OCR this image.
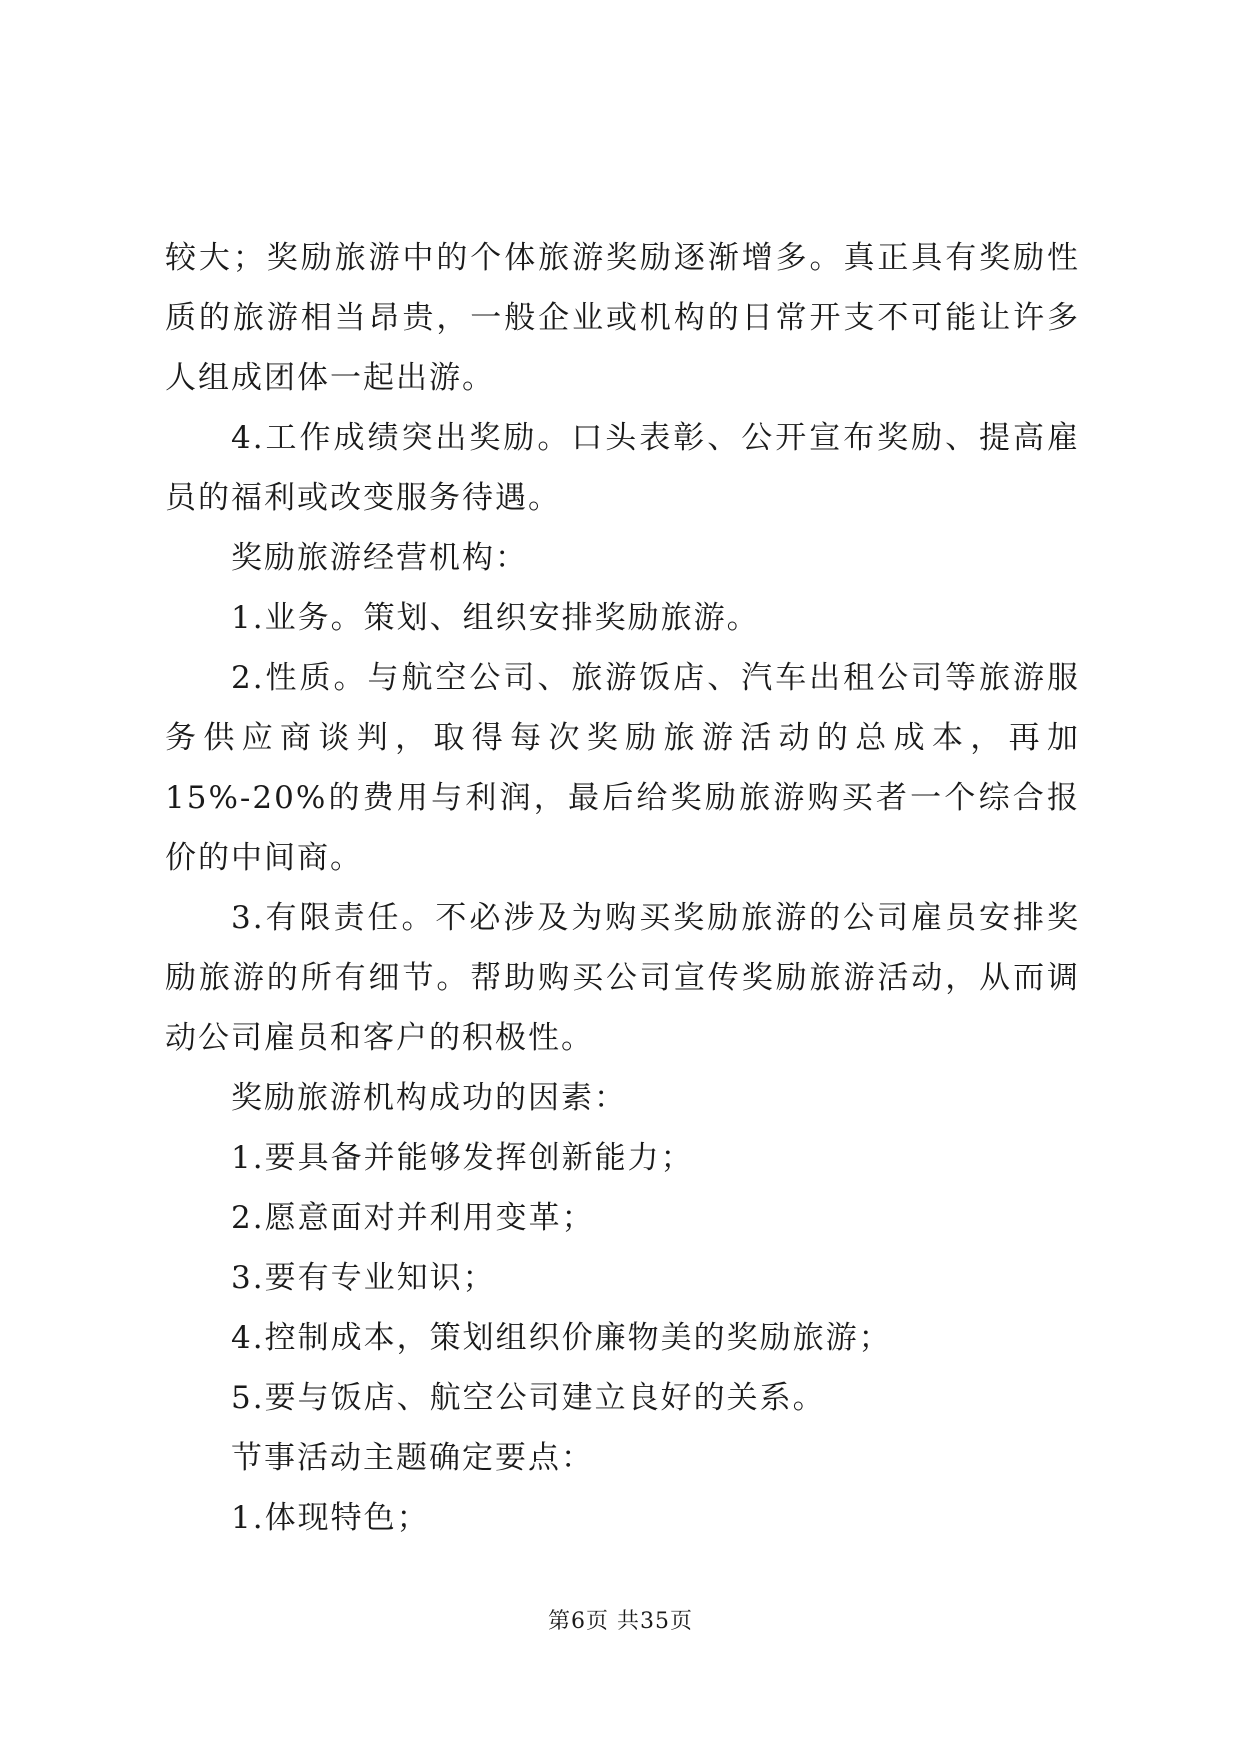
较大；奖励旅游中的个体旅游奖励逐渐增多。真正具有奖励性质的旅游相当昂贵，一般企业或机构的日常开支不可能让许多人组成团体一起出游。

4.工作成绩突出奖励。口头表彰、公开宣布奖励、提高雇员的福利或改变服务待遇。

奖励旅游经营机构：

1.业务。策划、组织安排奖励旅游。

2.性质。与航空公司、旅游饭店、汽车出租公司等旅游服务供应商谈判，取得每次奖励旅游活动的总成本，再加15%-20%的费用与利润，最后给奖励旅游购买者一个综合报价的中间商。

3.有限责任。不必涉及为购买奖励旅游的公司雇员安排奖励旅游的所有细节。帮助购买公司宣传奖励旅游活动，从而调动公司雇员和客户的积极性。

奖励旅游机构成功的因素：

1.要具备并能够发挥创新能力；

2.愿意面对并利用变革；

3.要有专业知识；

4.控制成本，策划组织价廉物美的奖励旅游；

5.要与饭店、航空公司建立良好的关系。

节事活动主题确定要点：

1.体现特色；

第6页 共35页
